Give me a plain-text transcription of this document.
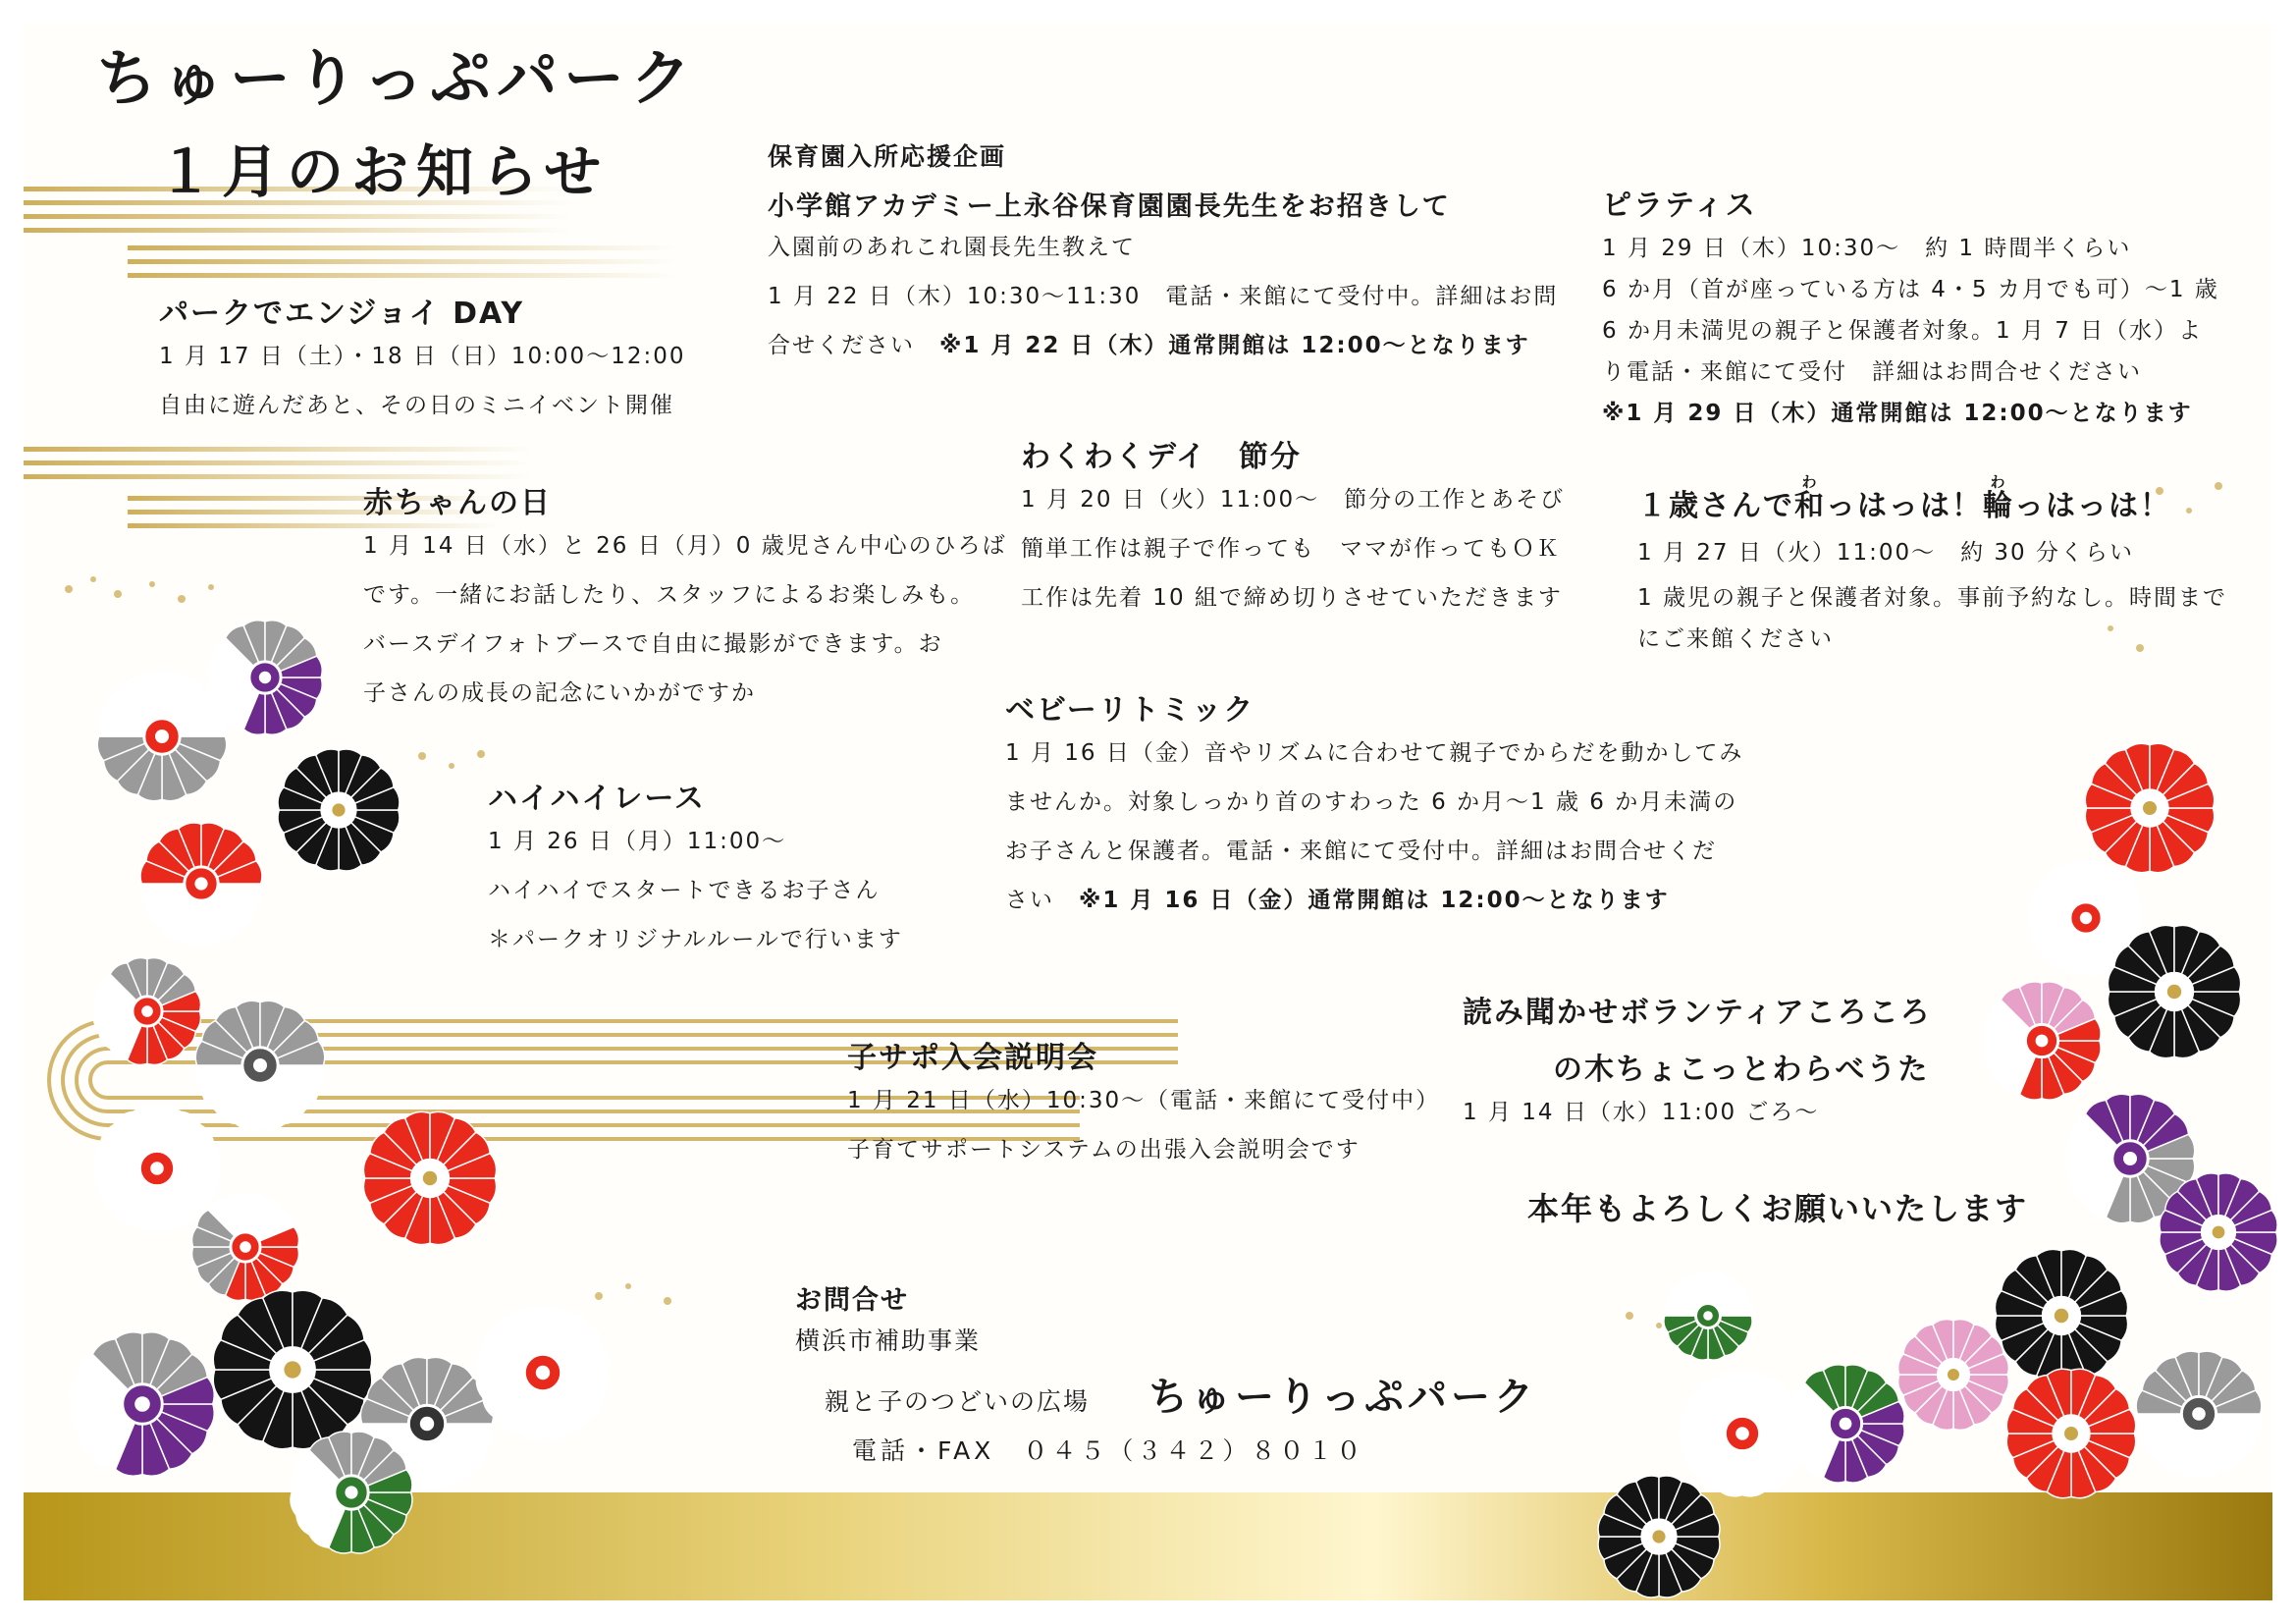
ちゅーりっぷパーク
１月のお知らせ
パークでエンジョイ DAY
1 月 17 日（土）・18 日（日）10:00～12:00
自由に遊んだあと、その日のミニイベント開催
赤ちゃんの日
1 月 14 日（水）と 26 日（月）0 歳児さん中心のひろば
です。一緒にお話したり、スタッフによるお楽しみも。
バースデイフォトブースで自由に撮影ができます。お
子さんの成長の記念にいかがですか
ハイハイレース
1 月 26 日（月）11:00～
ハイハイでスタートできるお子さん
＊パークオリジナルルールで行います
保育園入所応援企画
小学館アカデミー上永谷保育園園長先生をお招きして
入園前のあれこれ園長先生教えて
1 月 22 日（木）10:30～11:30　電話・来館にて受付中。詳細はお問
合せください　※1 月 22 日（木）通常開館は 12:00～となります
ピラティス
1 月 29 日（木）10:30～　約 1 時間半くらい
6 か月（首が座っている方は 4・5 カ月でも可）～1 歳
6 か月未満児の親子と保護者対象。1 月 7 日（水）よ
り電話・来館にて受付　詳細はお問合せください
※1 月 29 日（木）通常開館は 12:00～となります
わくわくデイ　節分
1 月 20 日（火）11:00～　節分の工作とあそび
簡単工作は親子で作っても　ママが作ってもＯＫ
工作は先着 10 組で締め切りさせていただきます
１歳さんで和わっはっは！輪わっはっは！
1 月 27 日（火）11:00～　約 30 分くらい
1 歳児の親子と保護者対象。事前予約なし。時間まで
にご来館ください
ベビーリトミック
1 月 16 日（金）音やリズムに合わせて親子でからだを動かしてみ
ませんか。対象しっかり首のすわった 6 か月～1 歳 6 か月未満の
お子さんと保護者。電話・来館にて受付中。詳細はお問合せくだ
さい　※1 月 16 日（金）通常開館は 12:00～となります
子サポ入会説明会
1 月 21 日（水）10:30～（電話・来館にて受付中）
子育てサポートシステムの出張入会説明会です
読み聞かせボランティアころころ
の木ちょこっとわらべうた
1 月 14 日（水）11:00 ごろ～
本年もよろしくお願いいたします
お問合せ
横浜市補助事業
親と子のつどいの広場 ちゅーりっぷパーク
電話・FAX　０４５（３４２）８０１０
